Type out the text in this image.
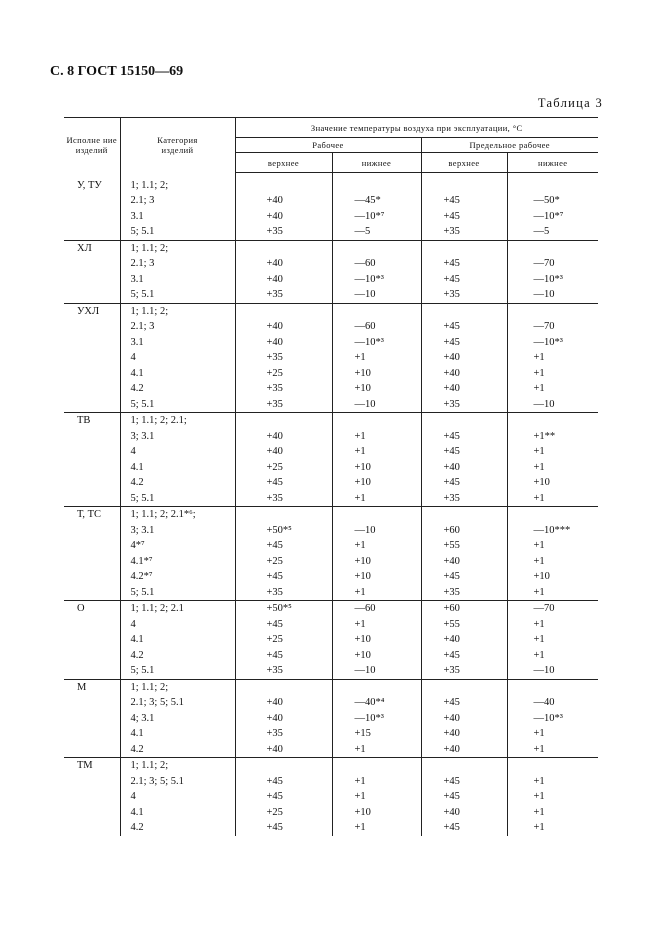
С. 8 ГОСТ 15150—69
Таблица 3
Исполне ние изделий	Категория изделий	Значение температуры воздуха при эксплуатации, °С			
		Рабочее		Предельное рабочее	
		верхнее	нижнее	верхнее	нижнее

У, ТУ	1; 1.1; 2;				
	2.1; 3	+40	—45*	+45	—50*
	3.1	+40	—10*⁷	+45	—10*⁷
	5; 5.1	+35	—5	+35	—5
ХЛ	1; 1.1; 2;				
	2.1; 3	+40	—60	+45	—70
	3.1	+40	—10*³	+45	—10*³
	5; 5.1	+35	—10	+35	—10
УХЛ	1; 1.1; 2;				
	2.1; 3	+40	—60	+45	—70
	3.1	+40	—10*³	+45	—10*³
	4	+35	+1	+40	+1
	4.1	+25	+10	+40	+1
	4.2	+35	+10	+40	+1
	5; 5.1	+35	—10	+35	—10
ТВ	1; 1.1; 2; 2.1;				
	3; 3.1	+40	+1	+45	+1**
	4	+40	+1	+45	+1
	4.1	+25	+10	+40	+1
	4.2	+45	+10	+45	+10
	5; 5.1	+35	+1	+35	+1
Т, ТС	1; 1.1; 2; 2.1*⁶;				
	3; 3.1	+50*⁵	—10	+60	—10***
	4*⁷	+45	+1	+55	+1
	4.1*⁷	+25	+10	+40	+1
	4.2*⁷	+45	+10	+45	+10
	5; 5.1	+35	+1	+35	+1
О	1; 1.1; 2; 2.1	+50*⁵	—60	+60	—70
	4	+45	+1	+55	+1
	4.1	+25	+10	+40	+1
	4.2	+45	+10	+45	+1
	5; 5.1	+35	—10	+35	—10
М	1; 1.1; 2;				
	2.1; 3; 5; 5.1	+40	—40*⁴	+45	—40
	4; 3.1	+40	—10*³	+40	—10*³
	4.1	+35	+15	+40	+1
	4.2	+40	+1	+40	+1
ТМ	1; 1.1; 2;				
	2.1; 3; 5; 5.1	+45	+1	+45	+1
	4	+45	+1	+45	+1
	4.1	+25	+10	+40	+1
	4.2	+45	+1	+45	+1
